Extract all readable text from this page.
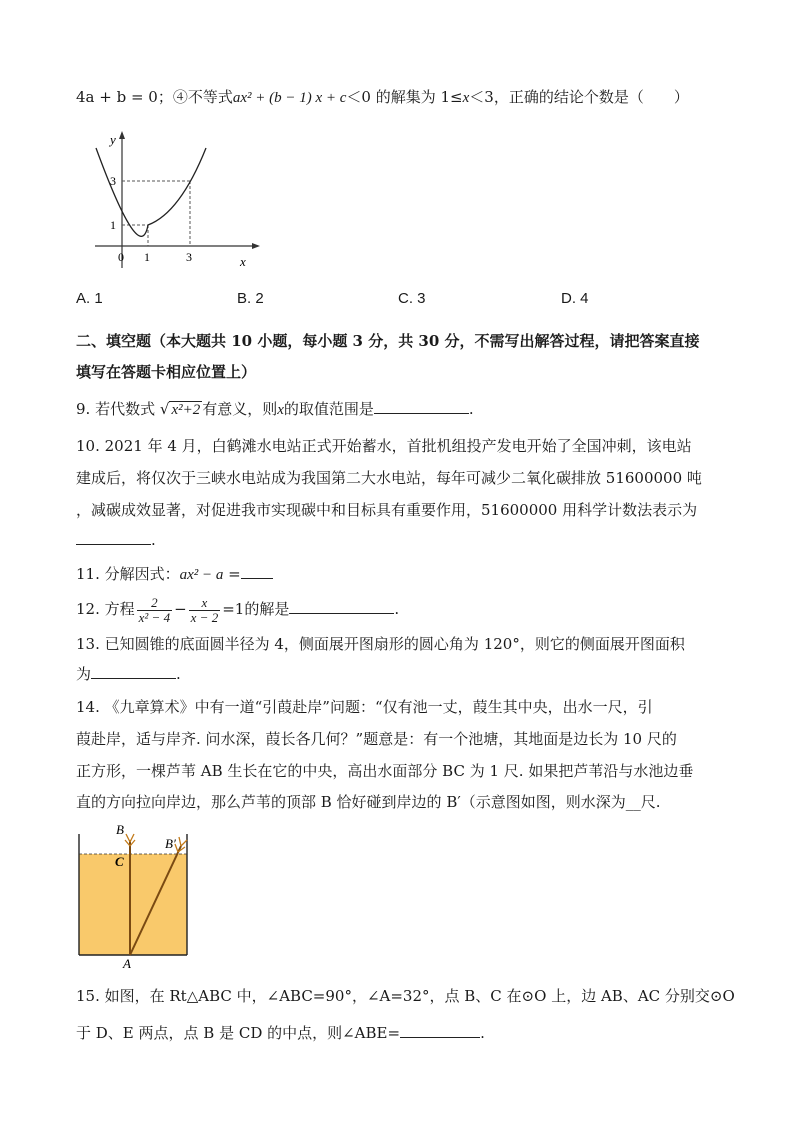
4a + b = 0；④不等式ax² + (b − 1) x + c＜0 的解集为 1≤x＜3，正确的结论个数是（　　）
y
x
0 1	3
1
3
A. 1	B. 2	C. 3	D. 4
二、填空题（本大题共 10 小题，每小题 3 分，共 30 分，不需写出解答过程，请把答案直接
填写在答题卡相应位置上）
9. 若代数式 √ x²+2 有意义，则x的取值范围是	.
10. 2021 年 4 月，白鹤滩水电站正式开始蓄水，首批机组投产发电开始了全国冲刺，该电站
建成后，将仅次于三峡水电站成为我国第二大水电站，每年可减少二氧化碳排放 51600000 吨
，减碳成效显著，对促进我市实现碳中和目标具有重要作用，51600000 用科学计数法表示为
.
11. 分解因式：ax² − a =
12. 方程 $\frac{2}{\text{x² − 4}} - \frac{x}{x - 2} =1$的解是	.
13. 已知圆锥的底面圆半径为 4，侧面展开图扇形的圆心角为 120°，则它的侧面展开图面积
为	.
14. 《九章算术》中有一道“引葭赴岸”问题：“仅有池一丈，葭生其中央，出水一尺，引
葭赴岸，适与岸齐. 问水深，葭长各几何？”题意是：有一个池塘，其地面是边长为 10 尺的
正方形，一棵芦苇 AB 生长在它的中央，高出水面部分 BC 为 1 尺. 如果把芦苇沿与水池边垂
直的方向拉向岸边，那么芦苇的顶部 B 恰好碰到岸边的 B′（示意图如图，则水深为__尺.
B
C
B′
A
15. 如图，在 Rt△ABC 中，∠ABC=90°，∠A=32°，点 B、C 在⊙O 上，边 AB、AC 分别交⊙O
于 D、E 两点，点 B 是 CD 的中点，则∠ABE=	.
